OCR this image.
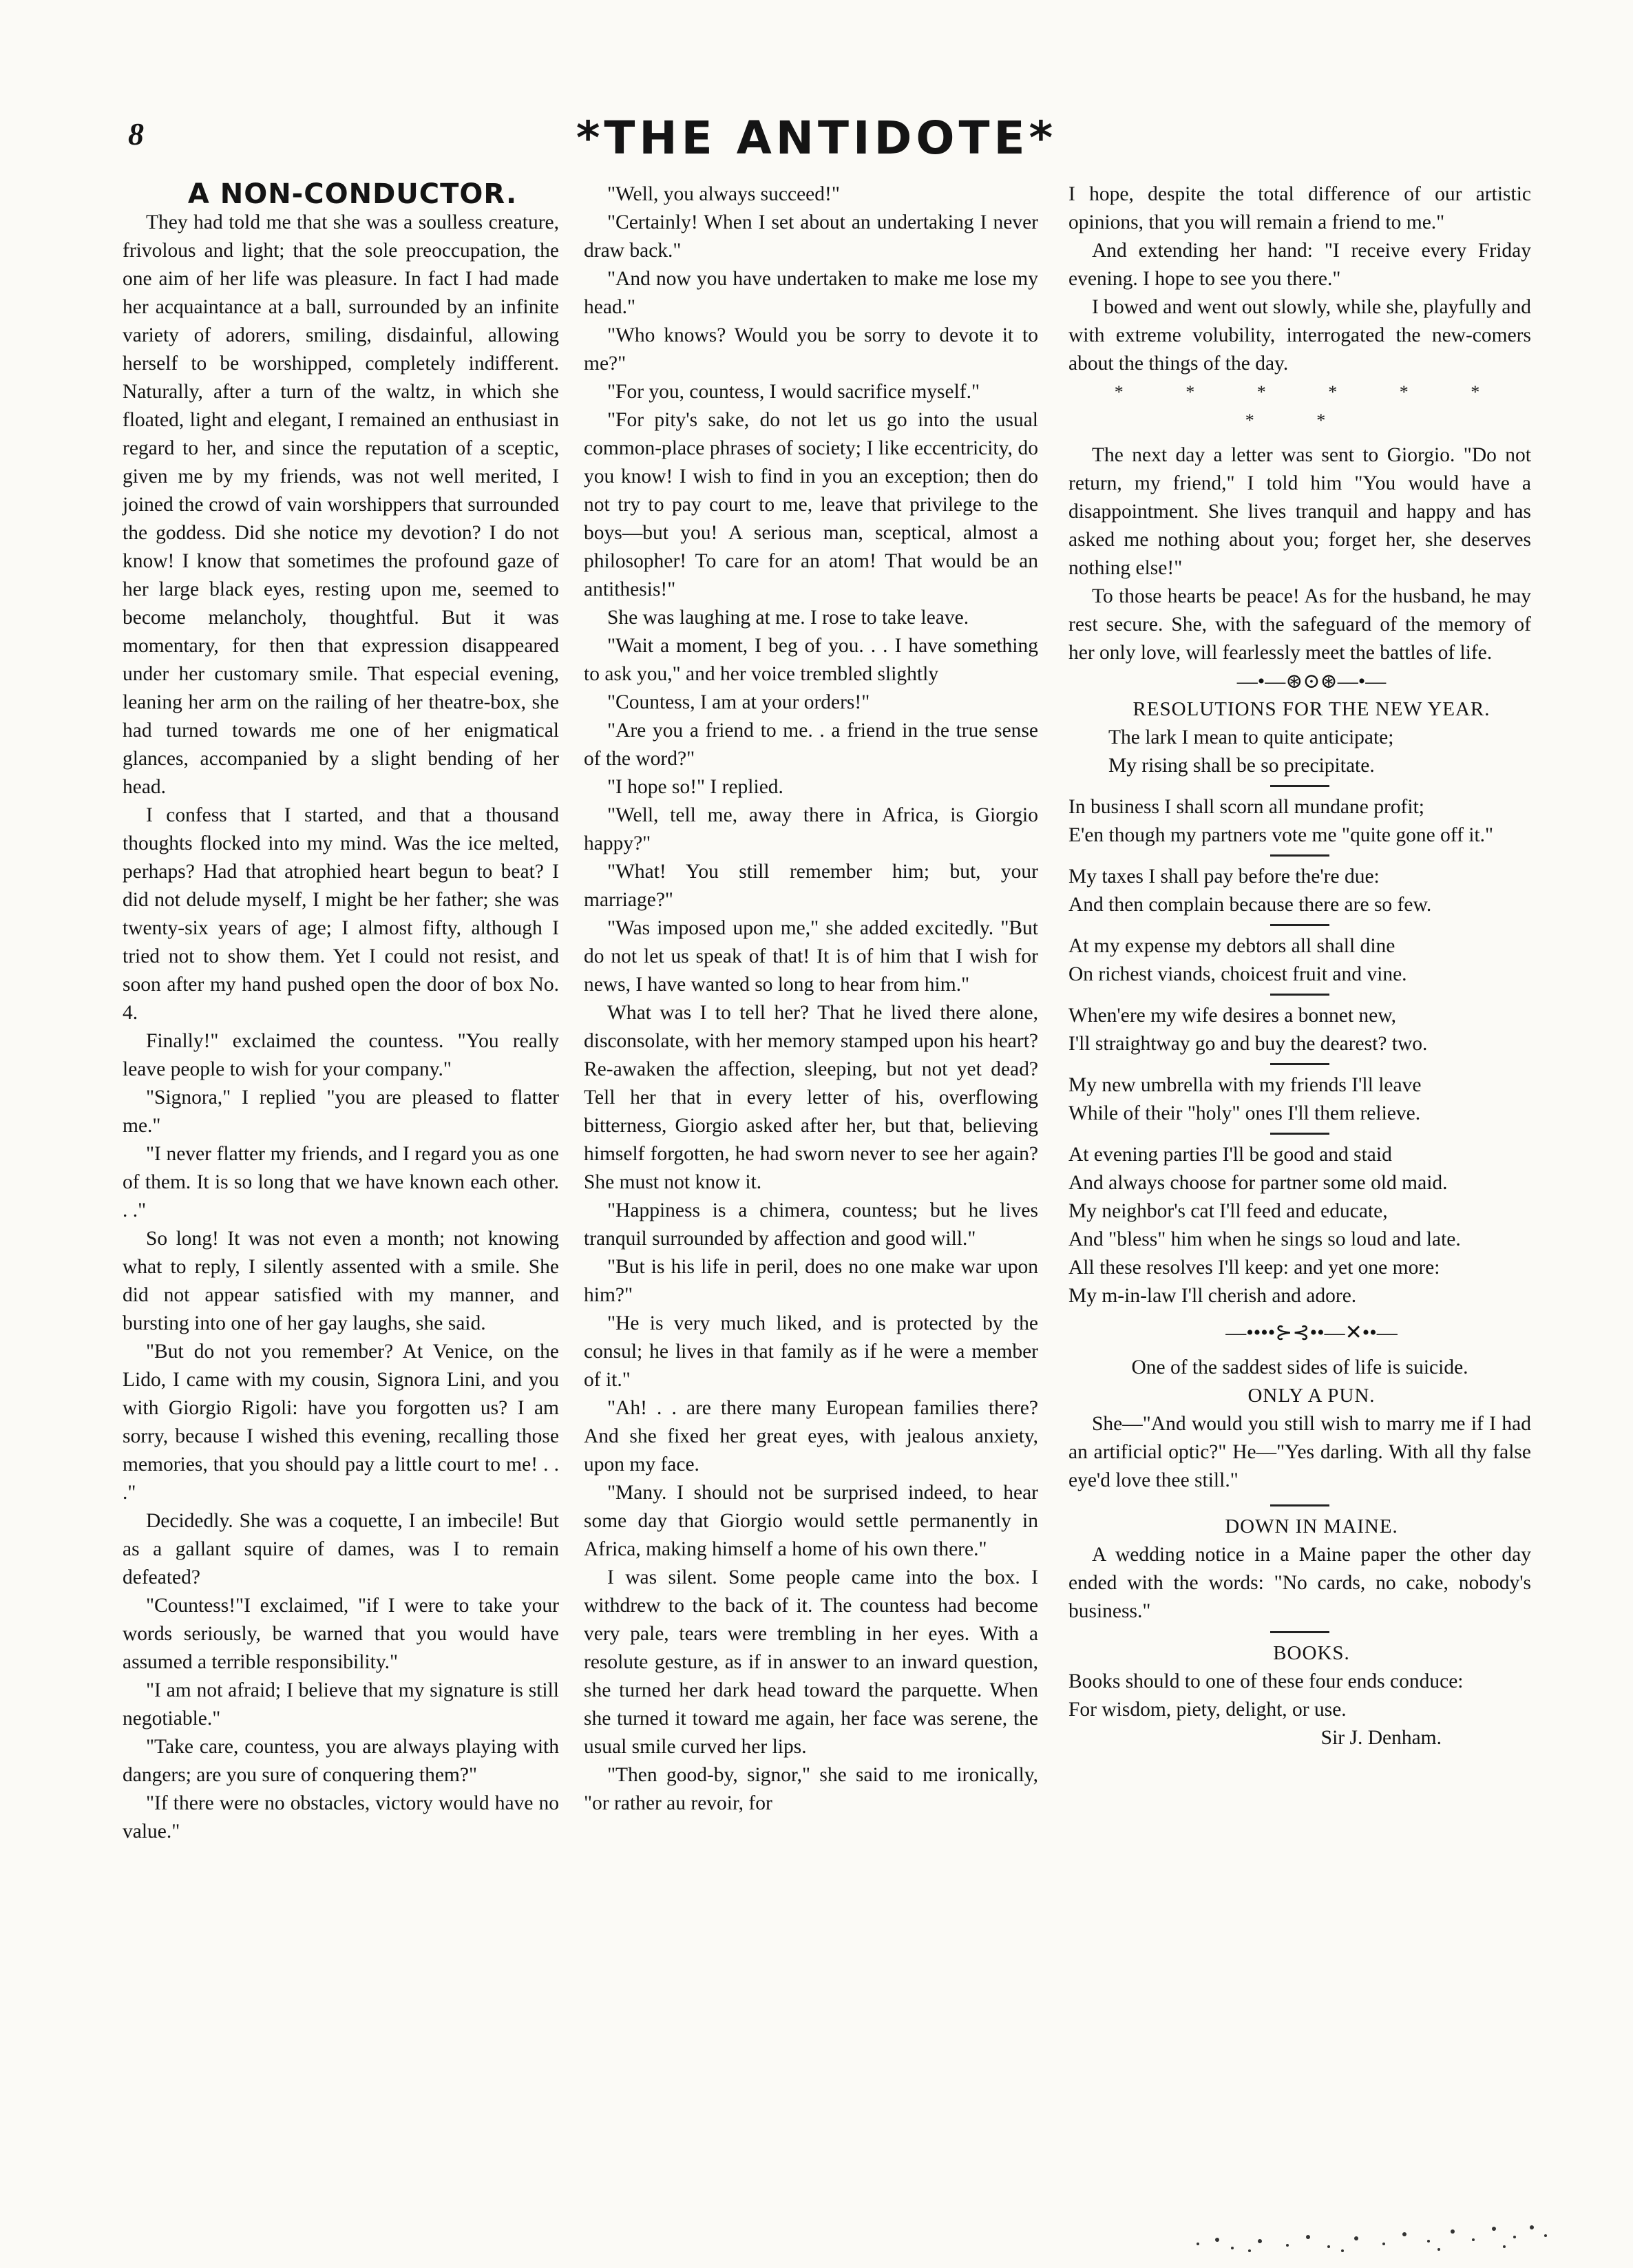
8	*THE ANTIDOTE*

A NON-CONDUCTOR.

They had told me that she was a soulless creature, frivolous and light; that the sole preoccupation, the one aim of her life was pleasure. In fact I had made her acquaintance at a ball, surrounded by an infinite variety of adorers, smiling, disdainful, allowing herself to be worshipped, completely indifferent. Naturally, after a turn of the waltz, in which she floated, light and elegant, I remained an enthusiast in regard to her, and since the reputation of a sceptic, given me by my friends, was not well merited, I joined the crowd of vain worshippers that surrounded the goddess. Did she notice my devotion? I do not know! I know that sometimes the profound gaze of her large black eyes, resting upon me, seemed to become melancholy, thoughtful. But it was momentary, for then that expression disappeared under her customary smile. That especial evening, leaning her arm on the railing of her theatre-box, she had turned towards me one of her enigmatical glances, accompanied by a slight bending of her head.

I confess that I started, and that a thousand thoughts flocked into my mind. Was the ice melted, perhaps? Had that atrophied heart begun to beat? I did not delude myself, I might be her father; she was twenty-six years of age; I almost fifty, although I tried not to show them. Yet I could not resist, and soon after my hand pushed open the door of box No. 4.

Finally!" exclaimed the countess. "You really leave people to wish for your company."

"Signora," I replied "you are pleased to flatter me."

"I never flatter my friends, and I regard you as one of them. It is so long that we have known each other. . ."

So long! It was not even a month; not knowing what to reply, I silently assented with a smile. She did not appear satisfied with my manner, and bursting into one of her gay laughs, she said.

"But do not you remember? At Venice, on the Lido, I came with my cousin, Signora Lini, and you with Giorgio Rigoli: have you forgotten us? I am sorry, because I wished this evening, recalling those memories, that you should pay a little court to me! . . ."

Decidedly. She was a coquette, I an imbecile! But as a gallant squire of dames, was I to remain defeated?

"Countess!"I exclaimed, "if I were to take your words seriously, be warned that you would have assumed a terrible responsibility."

"I am not afraid; I believe that my signature is still negotiable."

"Take care, countess, you are always playing with dangers; are you sure of conquering them?"

"If there were no obstacles, victory would have no value."

"Well, you always succeed!"

"Certainly! When I set about an undertaking I never draw back."

"And now you have undertaken to make me lose my head."

"Who knows? Would you be sorry to devote it to me?"

"For you, countess, I would sacrifice myself."

"For pity's sake, do not let us go into the usual common-place phrases of society; I like eccentricity, do you know! I wish to find in you an exception; then do not try to pay court to me, leave that privilege to the boys—but you! A serious man, sceptical, almost a philosopher! To care for an atom! That would be an antithesis!"

She was laughing at me. I rose to take leave.

"Wait a moment, I beg of you. . . I have something to ask you," and her voice trembled slightly

"Countess, I am at your orders!"

"Are you a friend to me. . a friend in the true sense of the word?"

"I hope so!" I replied.

"Well, tell me, away there in Africa, is Giorgio happy?"

"What! You still remember him; but, your marriage?"

"Was imposed upon me," she added excitedly. "But do not let us speak of that! It is of him that I wish for news, I have wanted so long to hear from him."

What was I to tell her? That he lived there alone, disconsolate, with her memory stamped upon his heart? Re-awaken the affection, sleeping, but not yet dead? Tell her that in every letter of his, overflowing bitterness, Giorgio asked after her, but that, believing himself forgotten, he had sworn never to see her again? She must not know it.

"Happiness is a chimera, countess; but he lives tranquil surrounded by affection and good will."

"But is his life in peril, does no one make war upon him?"

"He is very much liked, and is protected by the consul; he lives in that family as if he were a member of it."

"Ah! . . are there many European families there? And she fixed her great eyes, with jealous anxiety, upon my face.

"Many. I should not be surprised indeed, to hear some day that Giorgio would settle permanently in Africa, making himself a home of his own there."

I was silent. Some people came into the box. I withdrew to the back of it. The countess had become very pale, tears were trembling in her eyes. With a resolute gesture, as if in answer to an inward question, she turned her dark head toward the parquette. When she turned it toward me again, her face was serene, the usual smile curved her lips.

"Then good-by, signor," she said to me ironically, "or rather au revoir, for

I hope, despite the total difference of our artistic opinions, that you will remain a friend to me."

And extending her hand: "I receive every Friday evening. I hope to see you there."

I bowed and went out slowly, while she, playfully and with extreme volubility, interrogated the new-comers about the things of the day.

* * * * * * * *

The next day a letter was sent to Giorgio. "Do not return, my friend," I told him "You would have a disappointment. She lives tranquil and happy and has asked me nothing about you; forget her, she deserves nothing else!"

To those hearts be peace! As for the husband, he may rest secure. She, with the safeguard of the memory of her only love, will fearlessly meet the battles of life.

—•—⊛⊙⊛—•—

RESOLUTIONS FOR THE NEW YEAR.

The lark I mean to quite anticipate;

My rising shall be so precipitate.

In business I shall scorn all mundane profit;

E'en though my partners vote me "quite gone off it."

My taxes I shall pay before the're due:

And then complain because there are so few.

At my expense my debtors all shall dine

On richest viands, choicest fruit and vine.

When'ere my wife desires a bonnet new,

I'll straightway go and buy the dearest? two.

My new umbrella with my friends I'll leave

While of their "holy" ones I'll them relieve.

At evening parties I'll be good and staid

And always choose for partner some old maid.

My neighbor's cat I'll feed and educate,

And "bless" him when he sings so loud and late.

All these resolves I'll keep: and yet one more:

My m-in-law I'll cherish and adore.

—••••⊱⊰••—✕••—

One of the saddest sides of life is suicide.

ONLY A PUN.

She—"And would you still wish to marry me if I had an artificial optic?" He—"Yes darling. With all thy false eye'd love thee still."

DOWN IN MAINE.

A wedding notice in a Maine paper the other day ended with the words: "No cards, no cake, nobody's business."

BOOKS.

Books should to one of these four ends conduce:

For wisdom, piety, delight, or use.

Sir J. Denham.
